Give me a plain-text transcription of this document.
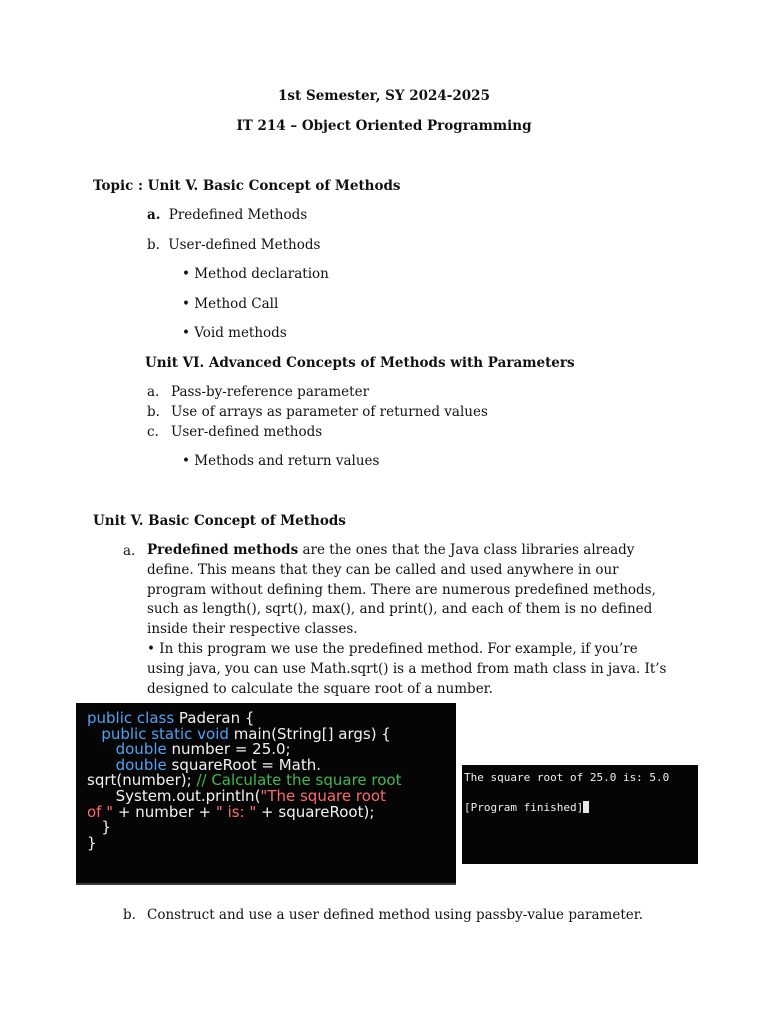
1st Semester, SY 2024-2025
IT 214 – Object Oriented Programming
Topic : Unit V. Basic Concept of Methods
a. Predefined Methods
b. User-defined Methods
• Method declaration
• Method Call
• Void methods
Unit VI. Advanced Concepts of Methods with Parameters
a. Pass-by-reference parameter
b. Use of arrays as parameter of returned values
c. User-defined methods
• Methods and return values
Unit V. Basic Concept of Methods
a. Predefined methods are the ones that the Java class libraries already define. This means that they can be called and used anywhere in our program without defining them. There are numerous predefined methods, such as length(), sqrt(), max(), and print(), and each of them is no defined inside their respective classes.
• In this program we use the predefined method. For example, if you’re using java, you can use Math.sqrt() is a method from math class in java. It’s designed to calculate the square root of a number.
public class Paderan {
public static void main(String[] args) {
double number = 25.0;
double squareRoot = Math.
sqrt(number); // Calculate the square root
System.out.println("The square root
of " + number + " is: " + squareRoot);
}
}
The square root of 25.0 is: 5.0
[Program finished]
b. Construct and use a user defined method using passby-value parameter.
